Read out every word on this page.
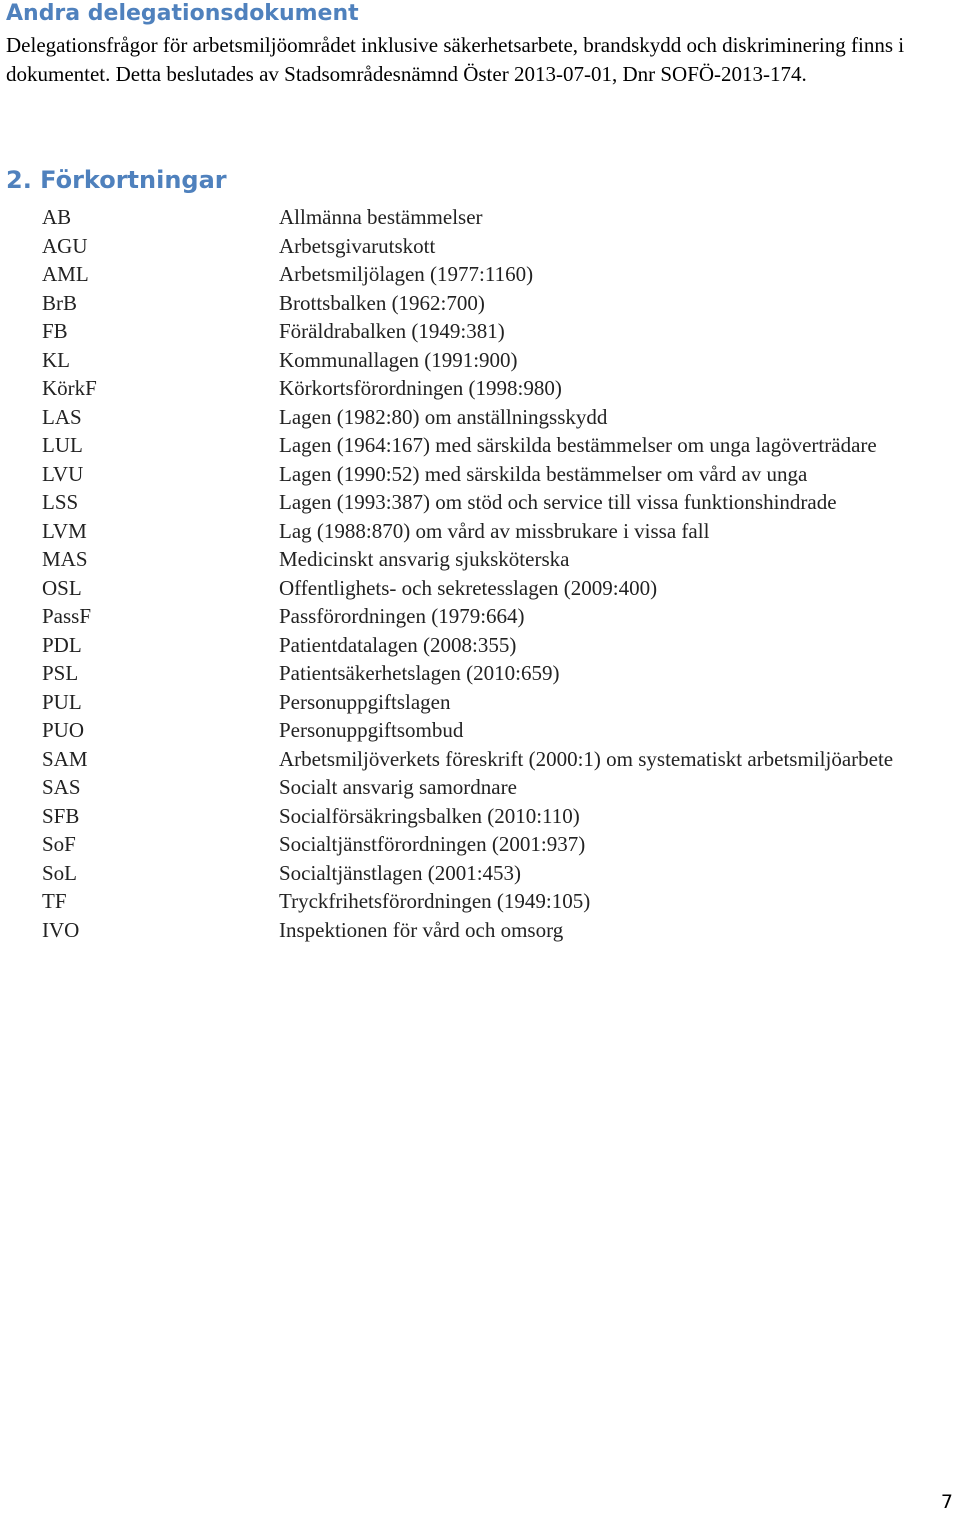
Andra delegationsdokument

Delegationsfrågor för arbetsmiljöområdet inklusive säkerhetsarbete, brandskydd och diskriminering finns i dokumentet. Detta beslutades av Stadsområdesnämnd Öster 2013-07-01, Dnr SOFÖ-2013-174.

2. Förkortningar
AB	Allmänna bestämmelser
AGU	Arbetsgivarutskott
AML	Arbetsmiljölagen (1977:1160)
BrB	Brottsbalken (1962:700)
FB	Föräldrabalken (1949:381)
KL	Kommunallagen (1991:900)
KörkF	Körkortsförordningen (1998:980)
LAS	Lagen (1982:80) om anställningsskydd
LUL	Lagen (1964:167) med särskilda bestämmelser om unga lagöverträdare
LVU	Lagen (1990:52) med särskilda bestämmelser om vård av unga
LSS	Lagen (1993:387) om stöd och service till vissa funktionshindrade
LVM	Lag (1988:870) om vård av missbrukare i vissa fall
MAS	Medicinskt ansvarig sjuksköterska
OSL	Offentlighets- och sekretesslagen (2009:400)
PassF	Passförordningen (1979:664)
PDL	Patientdatalagen (2008:355)
PSL	Patientsäkerhetslagen (2010:659)
PUL	Personuppgiftslagen
PUO	Personuppgiftsombud
SAM	Arbetsmiljöverkets föreskrift (2000:1) om systematiskt arbetsmiljöarbete
SAS	Socialt ansvarig samordnare
SFB	Socialförsäkringsbalken (2010:110)
SoF	Socialtjänstförordningen (2001:937)
SoL	Socialtjänstlagen (2001:453)
TF	Tryckfrihetsförordningen (1949:105)
IVO	Inspektionen för vård och omsorg
7
